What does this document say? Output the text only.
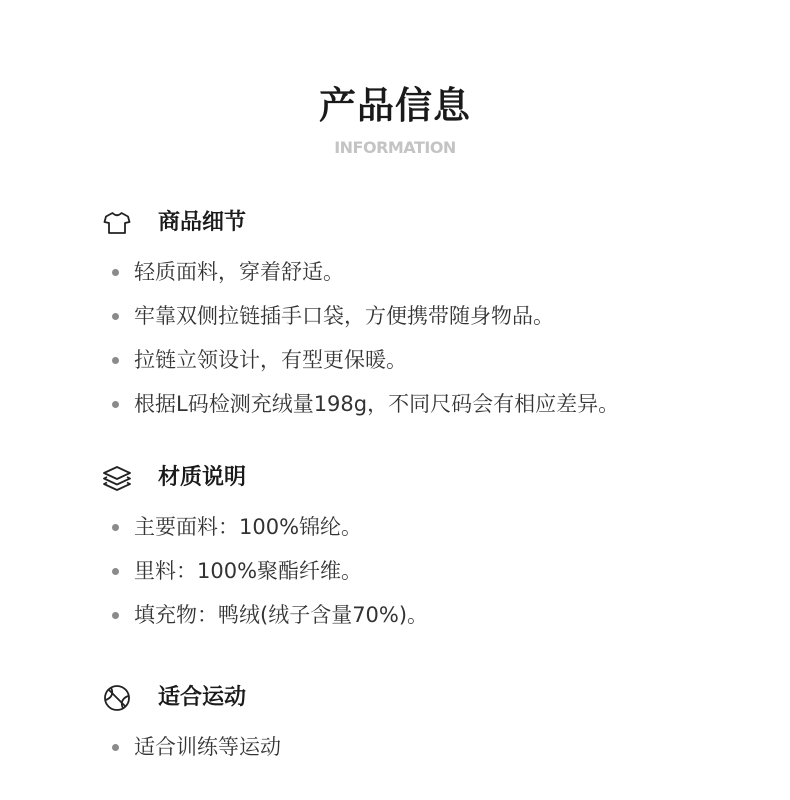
产品信息
INFORMATION
商品细节
轻质面料，穿着舒适。
牢靠双侧拉链插手口袋，方便携带随身物品。
拉链立领设计，有型更保暖。
根据L码检测充绒量198g，不同尺码会有相应差异。
材质说明
主要面料：100%锦纶。
里料：100%聚酯纤维。
填充物：鸭绒(绒子含量70%)。
适合运动
适合训练等运动
